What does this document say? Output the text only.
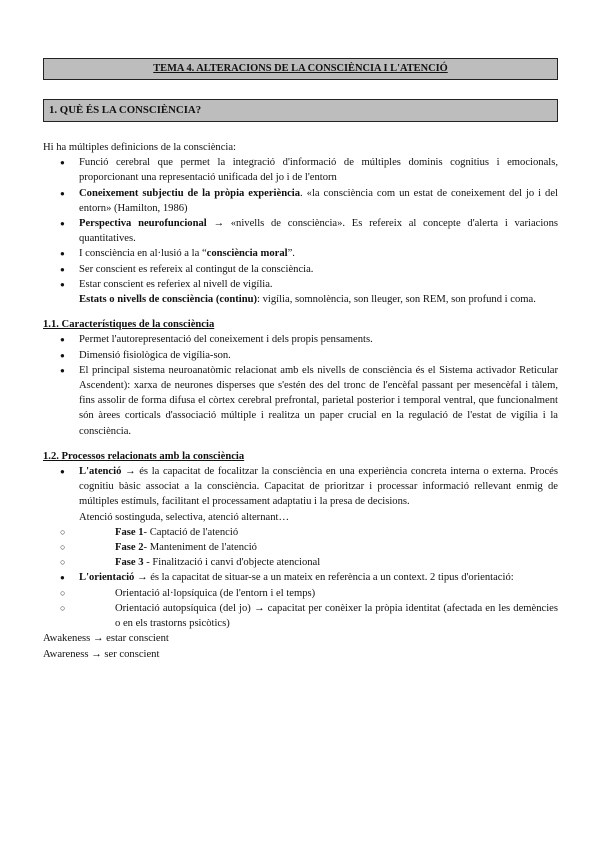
TEMA 4. ALTERACIONS DE LA CONSCIÈNCIA I L'ATENCIÓ
1. QUÈ ÉS LA CONSCIÈNCIA?
Hi ha múltiples definicions de la consciència:
● Funció cerebral que permet la integració d'informació de múltiples dominis cognitius i emocionals, proporcionant una representació unificada del jo i de l'entorn
● Coneixement subjectiu de la pròpia experiència. «la consciència com un estat de coneixement del jo i del entorn» (Hamilton, 1986)
● Perspectiva neurofuncional → «nivells de consciència». Es refereix al concepte d'alerta i variacions quantitatives.
● I consciència en al·lusió a la “consciència moral”.
● Ser conscient es refereix al contingut de la consciència.
● Estar conscient es referiex al nivell de vigília.
Estats o nivells de consciència (continu): vigília, somnolència, son lleuger, son REM, son profund i coma.
1.1. Característiques de la consciència
● Permet l'autorepresentació del coneixement i dels propis pensaments.
● Dimensió fisiològica de vigília-son.
● El principal sistema neuroanatòmic relacionat amb els nivells de consciència és el Sistema activador Reticular Ascendent): xarxa de neurones disperses que s'estén des del tronc de l'encèfal passant per mesencèfal i tàlem, fins assolir de forma difusa el còrtex cerebral prefrontal, parietal posterior i temporal ventral, que funcionalment són àrees corticals d'associació múltiple i realitza un paper crucial en la regulació de l'estat de vigília i la consciència.
1.2. Processos relacionats amb la consciència
● L'atenció → és la capacitat de focalitzar la consciència en una experiència concreta interna o externa. Procés cognitiu bàsic associat a la consciència. Capacitat de prioritzar i processar informació rellevant enmig de múltiples estímuls, facilitant el processament adaptatiu i la presa de decisions.
Atenció sostinguda, selectiva, atenció alternant…
○ Fase 1- Captació de l'atenció
○ Fase 2- Manteniment de l'atenció
○ Fase 3 - Finalització i canvi d'objecte atencional
● L'orientació → és la capacitat de situar-se a un mateix en referència a un context. 2 tipus d'orientació:
○ Orientació al·lopsíquica (de l'entorn i el temps)
○ Orientació autopsíquica (del jo) → capacitat per conèixer la pròpia identitat (afectada en les demències o en els trastorns psicòtics)

Awakeness → estar conscient

Awareness → ser conscient
